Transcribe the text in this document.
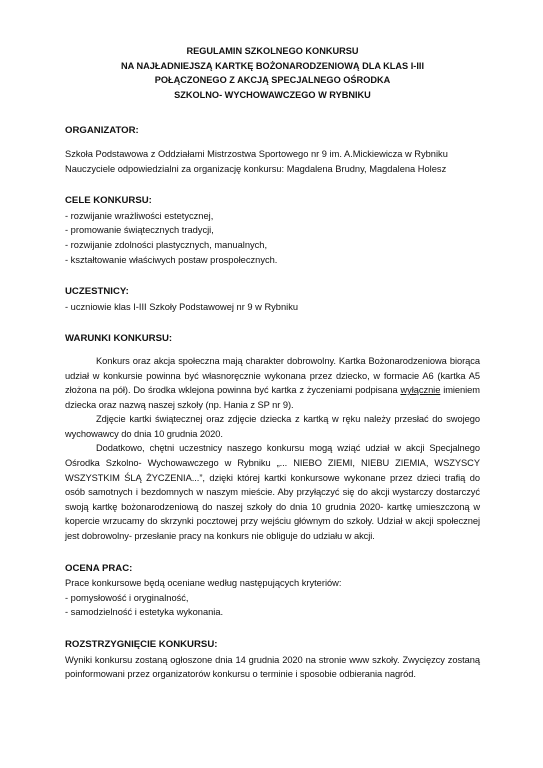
REGULAMIN SZKOLNEGO KONKURSU
NA NAJŁADNIEJSZĄ KARTKĘ BOŻONARODZENIOWĄ DLA KLAS I-III
POŁĄCZONEGO Z AKCJĄ SPECJALNEGO OŚRODKA
SZKOLNO- WYCHOWAWCZEGO W RYBNIKU
ORGANIZATOR:

Szkoła Podstawowa z Oddziałami Mistrzostwa Sportowego nr 9 im. A.Mickiewicza w Rybniku

Nauczyciele odpowiedzialni za organizację konkursu: Magdalena Brudny, Magdalena Holesz

CELE KONKURSU:

- rozwijanie wrażliwości estetycznej,

- promowanie świątecznych tradycji,

- rozwijanie zdolności plastycznych, manualnych,

- kształtowanie właściwych postaw prospołecznych.

UCZESTNICY:

- uczniowie klas I-III Szkoły Podstawowej nr 9 w Rybniku

WARUNKI KONKURSU:

Konkurs oraz akcja społeczna mają charakter dobrowolny. Kartka Bożonarodzeniowa biorąca udział w konkursie powinna być własnoręcznie wykonana przez dziecko, w formacie A6 (kartka A5 złożona na pół). Do środka wklejona powinna być kartka z życzeniami podpisana wyłącznie imieniem dziecka oraz nazwą naszej szkoły (np. Hania z SP nr 9).

Zdjęcie kartki świątecznej oraz zdjęcie dziecka z kartką w ręku należy przesłać do swojego wychowawcy do dnia 10 grudnia 2020.

Dodatkowo, chętni uczestnicy naszego konkursu mogą wziąć udział w akcji Specjalnego Ośrodka Szkolno- Wychowawczego w Rybniku „... NIEBO ZIEMI, NIEBU ZIEMIA, WSZYSCY WSZYSTKIM ŚLĄ ŻYCZENIA...”, dzięki której kartki konkursowe wykonane przez dzieci trafią do osób samotnych i bezdomnych w naszym mieście. Aby przyłączyć się do akcji wystarczy dostarczyć swoją kartkę bożonarodzeniową do naszej szkoły do dnia 10 grudnia 2020- kartkę umieszczoną w kopercie wrzucamy do skrzynki pocztowej przy wejściu głównym do szkoły. Udział w akcji społecznej jest dobrowolny- przesłanie pracy na konkurs nie obliguje do udziału w akcji.

OCENA PRAC:

Prace konkursowe będą oceniane według następujących kryteriów:

- pomysłowość i oryginalność,

- samodzielność i estetyka wykonania.

ROZSTRZYGNIĘCIE KONKURSU:

Wyniki konkursu zostaną ogłoszone dnia 14 grudnia 2020 na stronie www szkoły. Zwycięzcy zostaną poinformowani przez organizatorów konkursu o terminie i sposobie odbierania nagród.
